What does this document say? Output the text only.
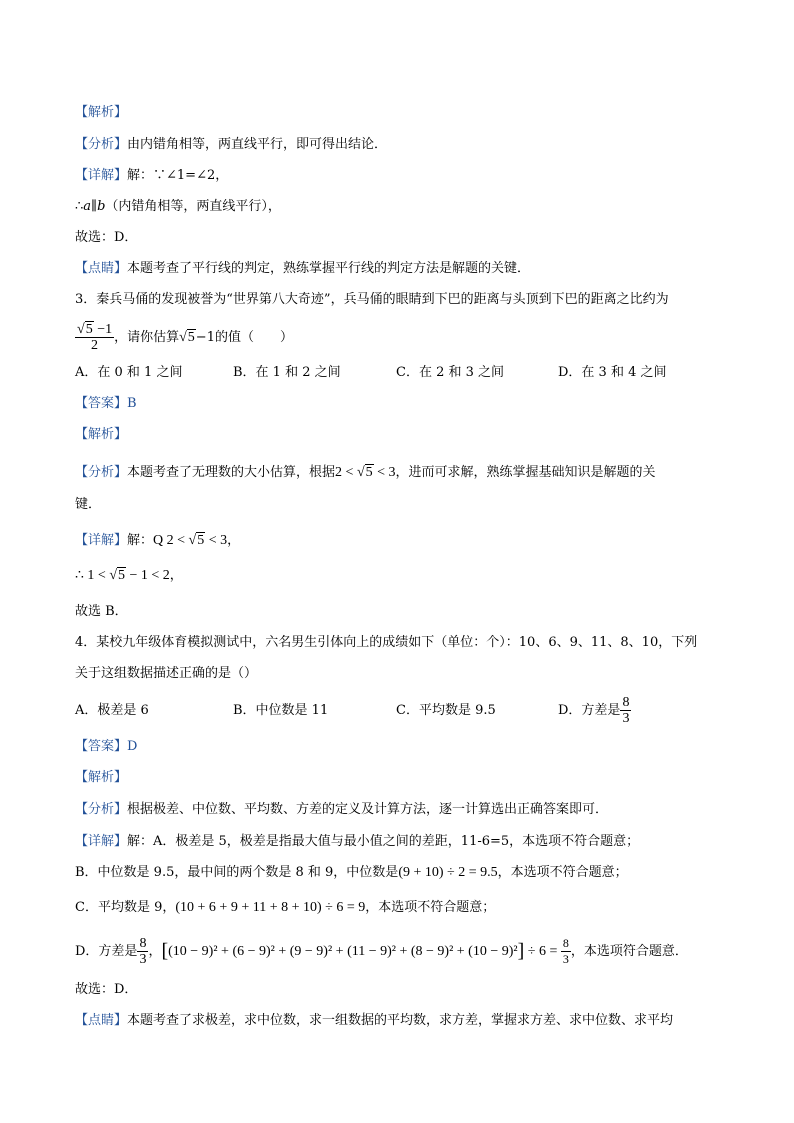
【解析】
【分析】由内错角相等，两直线平行，即可得出结论．
【详解】解：∵∠1=∠2，
∴a∥b（内错角相等，两直线平行），
故选：D．
【点睛】本题考查了平行线的判定，熟练掌握平行线的判定方法是解题的关键．
3．秦兵马俑的发现被誉为“世界第八大奇迹”，兵马俑的眼睛到下巴的距离与头顶到下巴的距离之比约为
$\frac{√5 -1}{2}$ ，请你估算√5−1的值（　　）
A．在 0 和 1 之间	B．在 1 和 2 之间	C．在 2 和 3 之间	D．在 3 和 4 之间
【答案】B
【解析】
【分析】本题考查了无理数的大小估算，根据2 < √5 < 3，进而可求解，熟练掌握基础知识是解题的关
键．
【详解】解：Q 2 < √5 < 3，
∴ 1 < √5 − 1 < 2，
故选 B．
4．某校九年级体育模拟测试中，六名男生引体向上的成绩如下（单位：个）：10、6、9、11、8、10，下列
关于这组数据描述正确的是（）
A．极差是 6	B．中位数是 11	C．平均数是 9.5	D．方差是 $\frac{8}{3}$
【答案】D
【解析】
【分析】根据极差、中位数、平均数、方差的定义及计算方法，逐一计算选出正确答案即可．
【详解】解：A．极差是 5，极差是指最大值与最小值之间的差距，11-6=5，本选项不符合题意；
B．中位数是 9.5，最中间的两个数是 8 和 9，中位数是(9 + 10) ÷ 2 = 9.5，本选项不符合题意；
C．平均数是 9，(10 + 6 + 9 + 11 + 8 + 10) ÷ 6 = 9，本选项不符合题意；
D．方差是 $\frac{8}{3}$ ，$[(10 - 9)^2 + (6 - 9)^2 + (9 - 9)^2 + (11 - 9)^2 + (8 - 9)^2 + (10 - 9)^2] \div 6 = \frac{8}{3}$ ，本选项符合题意．
故选：D．
【点睛】本题考查了求极差，求中位数，求一组数据的平均数，求方差，掌握求方差、求中位数、求平均
